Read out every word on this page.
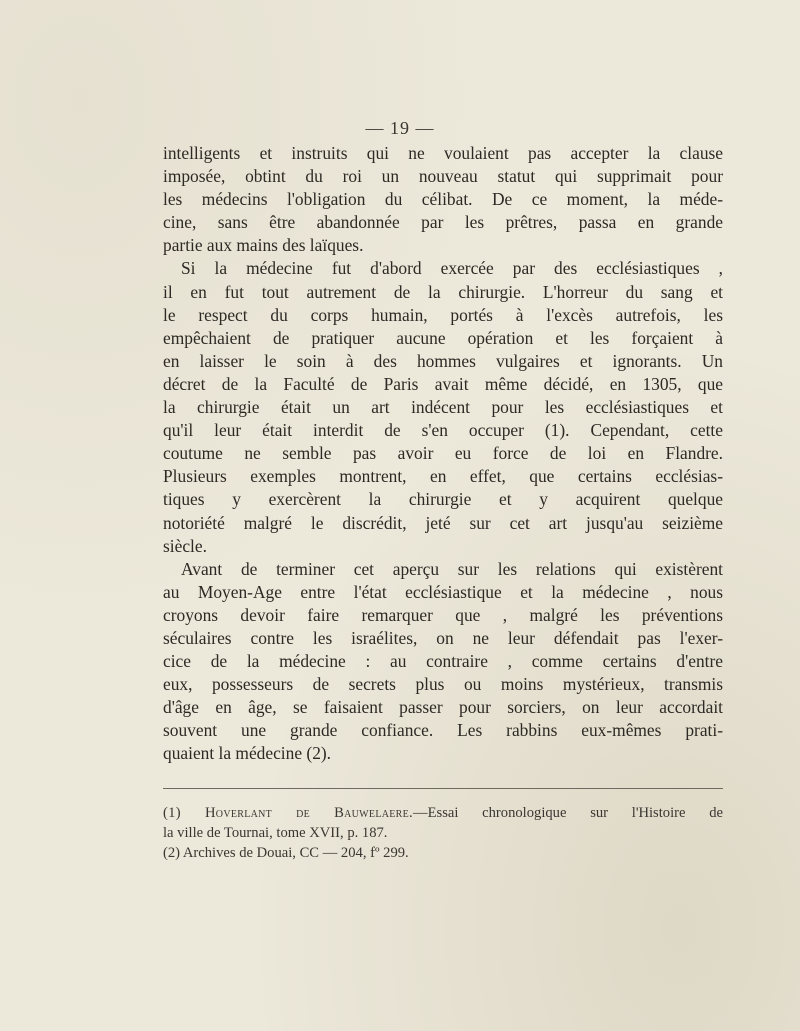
— 19 —
intelligents et instruits qui ne voulaient pas accepter la clause
imposée, obtint du roi un nouveau statut qui supprimait pour
les médecins l'obligation du célibat. De ce moment, la méde-
cine, sans être abandonnée par les prêtres, passa en grande
partie aux mains des laïques.
Si la médecine fut d'abord exercée par des ecclésiastiques ,
il en fut tout autrement de la chirurgie. L'horreur du sang et
le respect du corps humain, portés à l'excès autrefois, les
empêchaient de pratiquer aucune opération et les forçaient à
en laisser le soin à des hommes vulgaires et ignorants. Un
décret de la Faculté de Paris avait même décidé, en 1305, que
la chirurgie était un art indécent pour les ecclésiastiques et
qu'il leur était interdit de s'en occuper (1). Cependant, cette
coutume ne semble pas avoir eu force de loi en Flandre.
Plusieurs exemples montrent, en effet, que certains ecclésias-
tiques y exercèrent la chirurgie et y acquirent quelque
notoriété malgré le discrédit, jeté sur cet art jusqu'au seizième
siècle.
Avant de terminer cet aperçu sur les relations qui existèrent
au Moyen-Age entre l'état ecclésiastique et la médecine , nous
croyons devoir faire remarquer que , malgré les préventions
séculaires contre les israélites, on ne leur défendait pas l'exer-
cice de la médecine : au contraire , comme certains d'entre
eux, possesseurs de secrets plus ou moins mystérieux, transmis
d'âge en âge, se faisaient passer pour sorciers, on leur accordait
souvent une grande confiance. Les rabbins eux-mêmes prati-
quaient la médecine (2).
(1) Hoverlant de Bauwelaere.—Essai chronologique sur l'Histoire de
la ville de Tournai, tome XVII, p. 187.
(2) Archives de Douai, CC — 204, fº 299.
